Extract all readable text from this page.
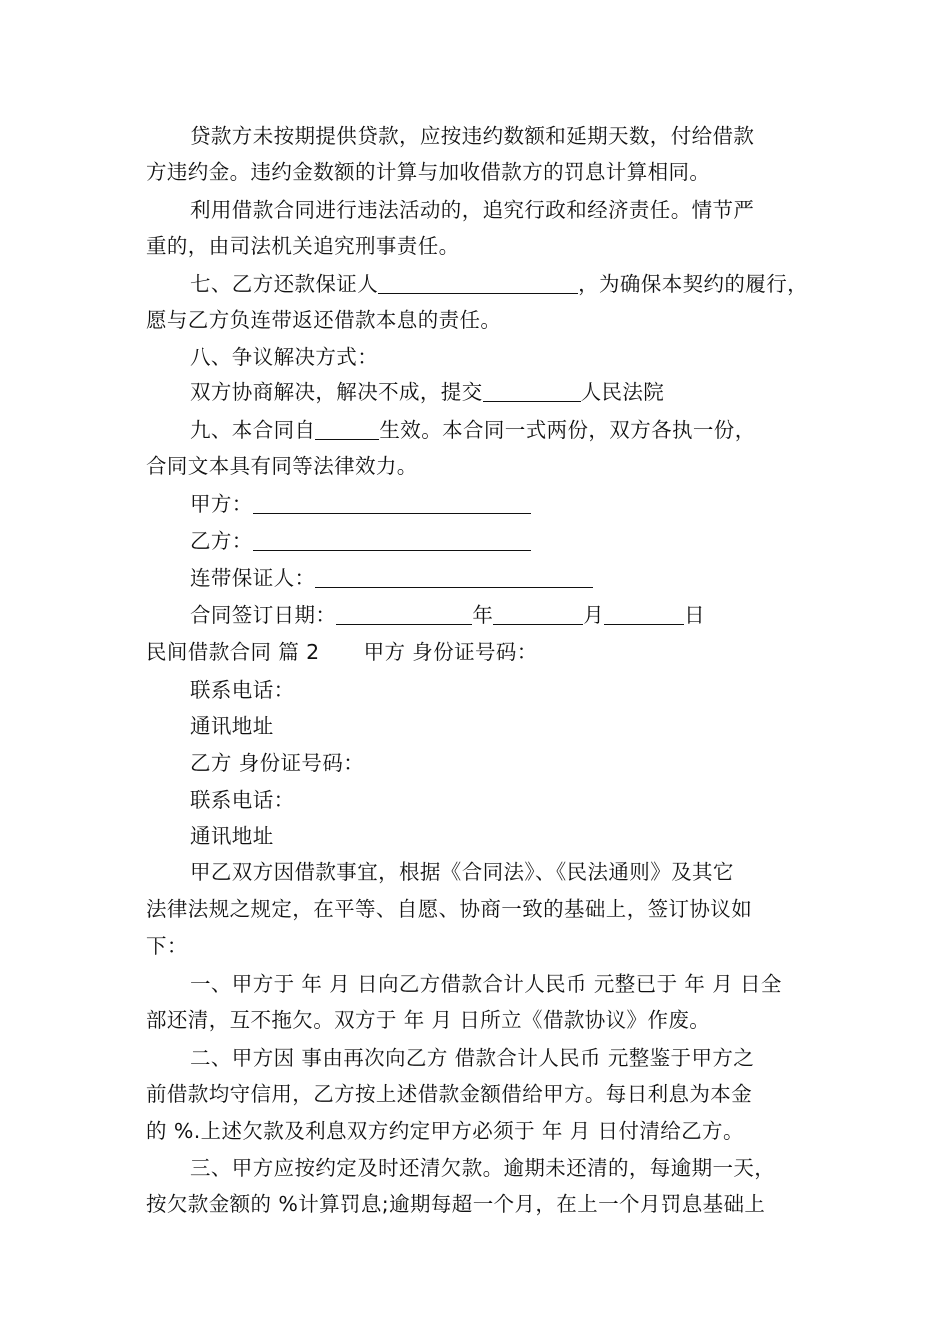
贷款方未按期提供贷款，应按违约数额和延期天数，付给借款
方违约金。违约金数额的计算与加收借款方的罚息计算相同。
利用借款合同进行违法活动的，追究行政和经济责任。情节严
重的，由司法机关追究刑事责任。
七、乙方还款保证人	，为确保本契约的履行，
愿与乙方负连带返还借款本息的责任。
八、争议解决方式：
双方协商解决，解决不成，提交	人民法院
九、本合同自	生效。本合同一式两份，双方各执一份，
合同文本具有同等法律效力。
甲方：
乙方：
连带保证人：
合同签订日期：	年	月	日
民间借款合同 篇 2 甲方 身份证号码：
联系电话：
通讯地址
乙方 身份证号码：
联系电话：
通讯地址
甲乙双方因借款事宜，根据《合同法》、《民法通则》及其它
法律法规之规定，在平等、自愿、协商一致的基础上，签订协议如
下：
一、甲方于 年 月 日向乙方借款合计人民币 元整已于 年 月 日全
部还清，互不拖欠。双方于 年 月 日所立《借款协议》作废。
二、甲方因 事由再次向乙方 借款合计人民币 元整鉴于甲方之
前借款均守信用，乙方按上述借款金额借给甲方。每日利息为本金
的 %.上述欠款及利息双方约定甲方必须于 年 月 日付清给乙方。
三、甲方应按约定及时还清欠款。逾期未还清的，每逾期一天，
按欠款金额的 %计算罚息;逾期每超一个月，在上一个月罚息基础上
